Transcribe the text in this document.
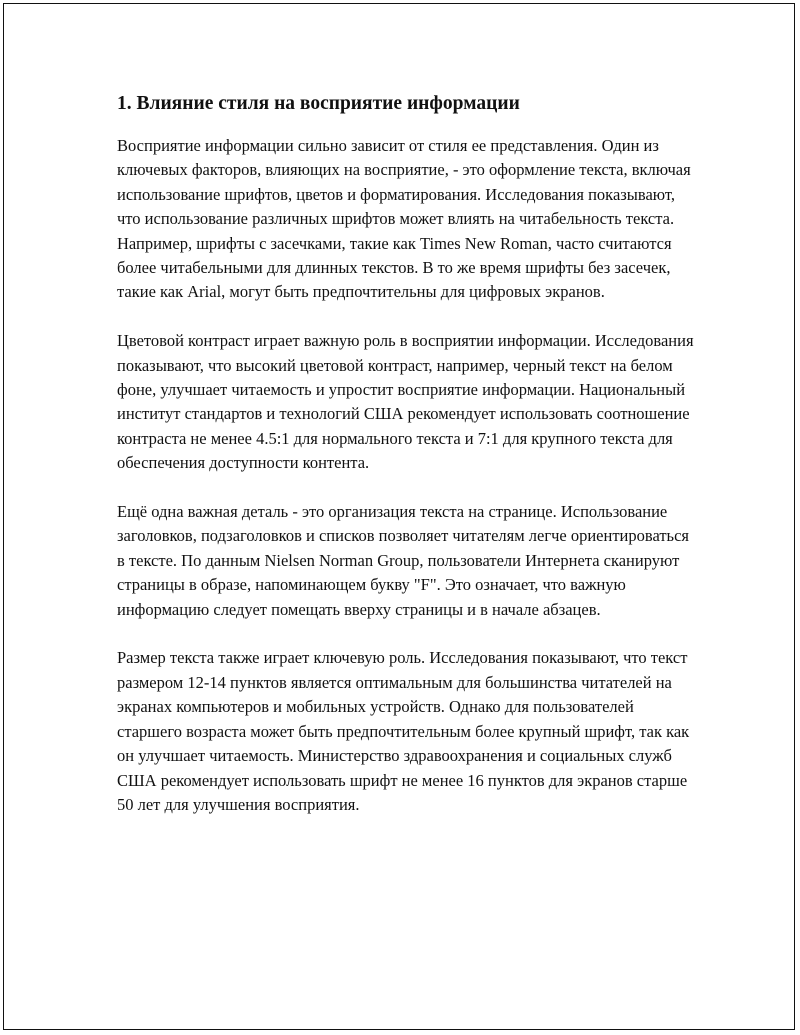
1. Влияние стиля на восприятие информации

Восприятие информации сильно зависит от стиля ее представления. Один из ключевых факторов, влияющих на восприятие, - это оформление текста, включая использование шрифтов, цветов и форматирования. Исследования показывают, что использование различных шрифтов может влиять на читабельность текста. Например, шрифты с засечками, такие как Times New Roman, часто считаются более читабельными для длинных текстов. В то же время шрифты без засечек, такие как Arial, могут быть предпочтительны для цифровых экранов.

Цветовой контраст играет важную роль в восприятии информации. Исследования показывают, что высокий цветовой контраст, например, черный текст на белом фоне, улучшает читаемость и упростит восприятие информации. Национальный институт стандартов и технологий США рекомендует использовать соотношение контраста не менее 4.5:1 для нормального текста и 7:1 для крупного текста для обеспечения доступности контента.

Ещё одна важная деталь - это организация текста на странице. Использование заголовков, подзаголовков и списков позволяет читателям легче ориентироваться в тексте. По данным Nielsen Norman Group, пользователи Интернета сканируют страницы в образе, напоминающем букву "F". Это означает, что важную информацию следует помещать вверху страницы и в начале абзацев.

Размер текста также играет ключевую роль. Исследования показывают, что текст размером 12-14 пунктов является оптимальным для большинства читателей на экранах компьютеров и мобильных устройств. Однако для пользователей старшего возраста может быть предпочтительным более крупный шрифт, так как он улучшает читаемость. Министерство здравоохранения и социальных служб США рекомендует использовать шрифт не менее 16 пунктов для экранов старше 50 лет для улучшения восприятия.
